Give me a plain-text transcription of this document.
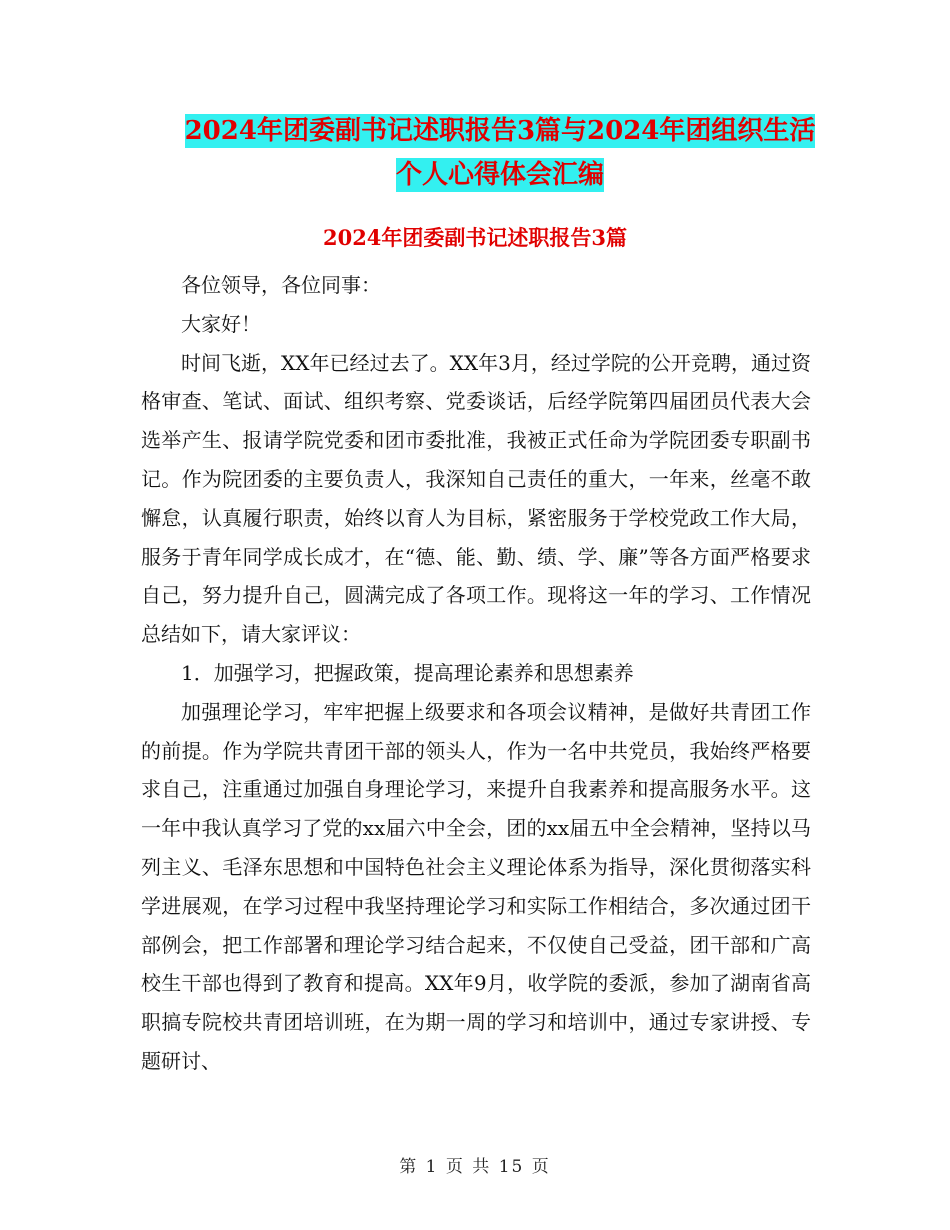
2024年团委副书记述职报告3篇与2024年团组织生活
个人心得体会汇编
2024年团委副书记述职报告3篇

各位领导，各位同事：

大家好！

时间飞逝，XX年已经过去了。XX年3月，经过学院的公开竞聘，通过资格审查、笔试、面试、组织考察、党委谈话，后经学院第四届团员代表大会选举产生、报请学院党委和团市委批准，我被正式任命为学院团委专职副书记。作为院团委的主要负责人，我深知自己责任的重大，一年来，丝毫不敢懈怠，认真履行职责，始终以育人为目标，紧密服务于学校党政工作大局，服务于青年同学成长成才，在“德、能、勤、绩、学、廉”等各方面严格要求自己，努力提升自己，圆满完成了各项工作。现将这一年的学习、工作情况总结如下，请大家评议：

1．加强学习，把握政策，提高理论素养和思想素养

加强理论学习，牢牢把握上级要求和各项会议精神，是做好共青团工作的前提。作为学院共青团干部的领头人，作为一名中共党员，我始终严格要求自己，注重通过加强自身理论学习，来提升自我素养和提高服务水平。这一年中我认真学习了党的xx届六中全会，团的xx届五中全会精神，坚持以马列主义、毛泽东思想和中国特色社会主义理论体系为指导，深化贯彻落实科学进展观，在学习过程中我坚持理论学习和实际工作相结合，多次通过团干部例会，把工作部署和理论学习结合起来，不仅使自己受益，团干部和广高校生干部也得到了教育和提高。XX年9月，收学院的委派，参加了湖南省高职搞专院校共青团培训班，在为期一周的学习和培训中，通过专家讲授、专题研讨、

第 1 页 共 15 页
